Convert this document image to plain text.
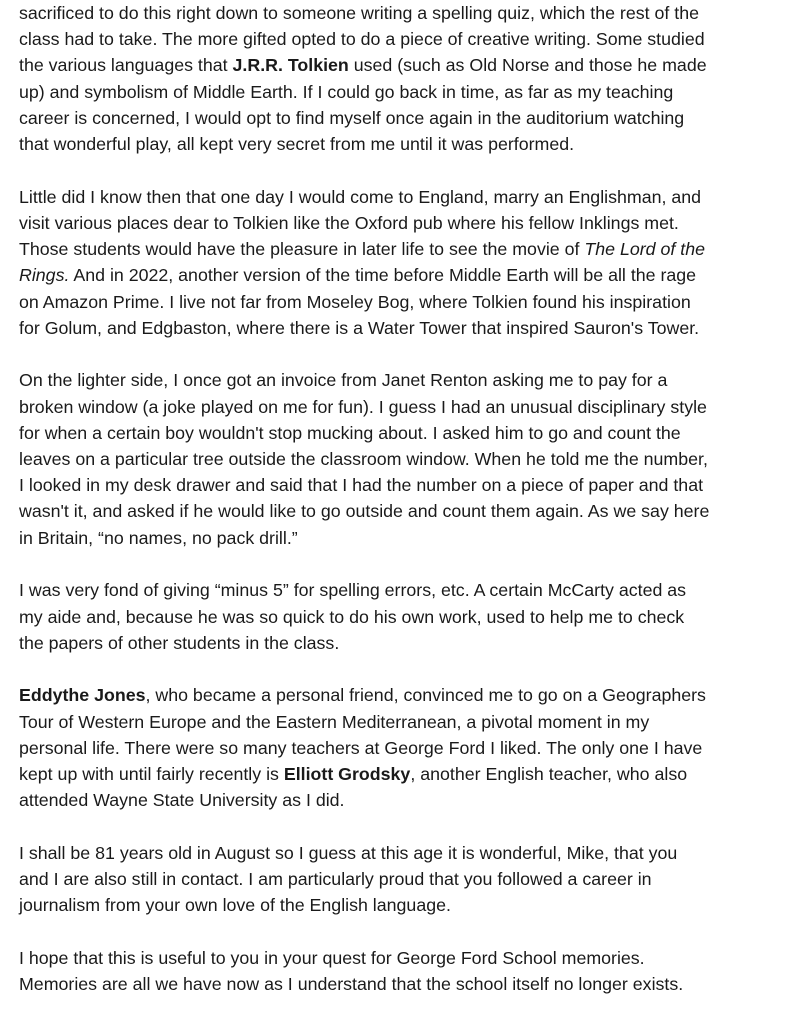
sacrificed to do this right down to someone writing a spelling quiz, which the rest of the
class had to take. The more gifted opted to do a piece of creative writing. Some studied
the various languages that J.R.R. Tolkien used (such as Old Norse and those he made
up) and symbolism of Middle Earth. If I could go back in time, as far as my teaching
career is concerned, I would opt to find myself once again in the auditorium watching
that wonderful play, all kept very secret from me until it was performed.

Little did I know then that one day I would come to England, marry an Englishman, and
visit various places dear to Tolkien like the Oxford pub where his fellow Inklings met.
Those students would have the pleasure in later life to see the movie of The Lord of the
Rings. And in 2022, another version of the time before Middle Earth will be all the rage
on Amazon Prime. I live not far from Moseley Bog, where Tolkien found his inspiration
for Golum, and Edgbaston, where there is a Water Tower that inspired Sauron's Tower.

On the lighter side, I once got an invoice from Janet Renton asking me to pay for a
broken window (a joke played on me for fun). I guess I had an unusual disciplinary style
for when a certain boy wouldn't stop mucking about. I asked him to go and count the
leaves on a particular tree outside the classroom window. When he told me the number,
I looked in my desk drawer and said that I had the number on a piece of paper and that
wasn't it, and asked if he would like to go outside and count them again. As we say here
in Britain, “no names, no pack drill.”

I was very fond of giving “minus 5” for spelling errors, etc. A certain McCarty acted as
my aide and, because he was so quick to do his own work, used to help me to check
the papers of other students in the class.

Eddythe Jones, who became a personal friend, convinced me to go on a Geographers
Tour of Western Europe and the Eastern Mediterranean, a pivotal moment in my
personal life. There were so many teachers at George Ford I liked. The only one I have
kept up with until fairly recently is Elliott Grodsky, another English teacher, who also
attended Wayne State University as I did.

I shall be 81 years old in August so I guess at this age it is wonderful, Mike, that you
and I are also still in contact. I am particularly proud that you followed a career in
journalism from your own love of the English language.

I hope that this is useful to you in your quest for George Ford School memories.
Memories are all we have now as I understand that the school itself no longer exists.
